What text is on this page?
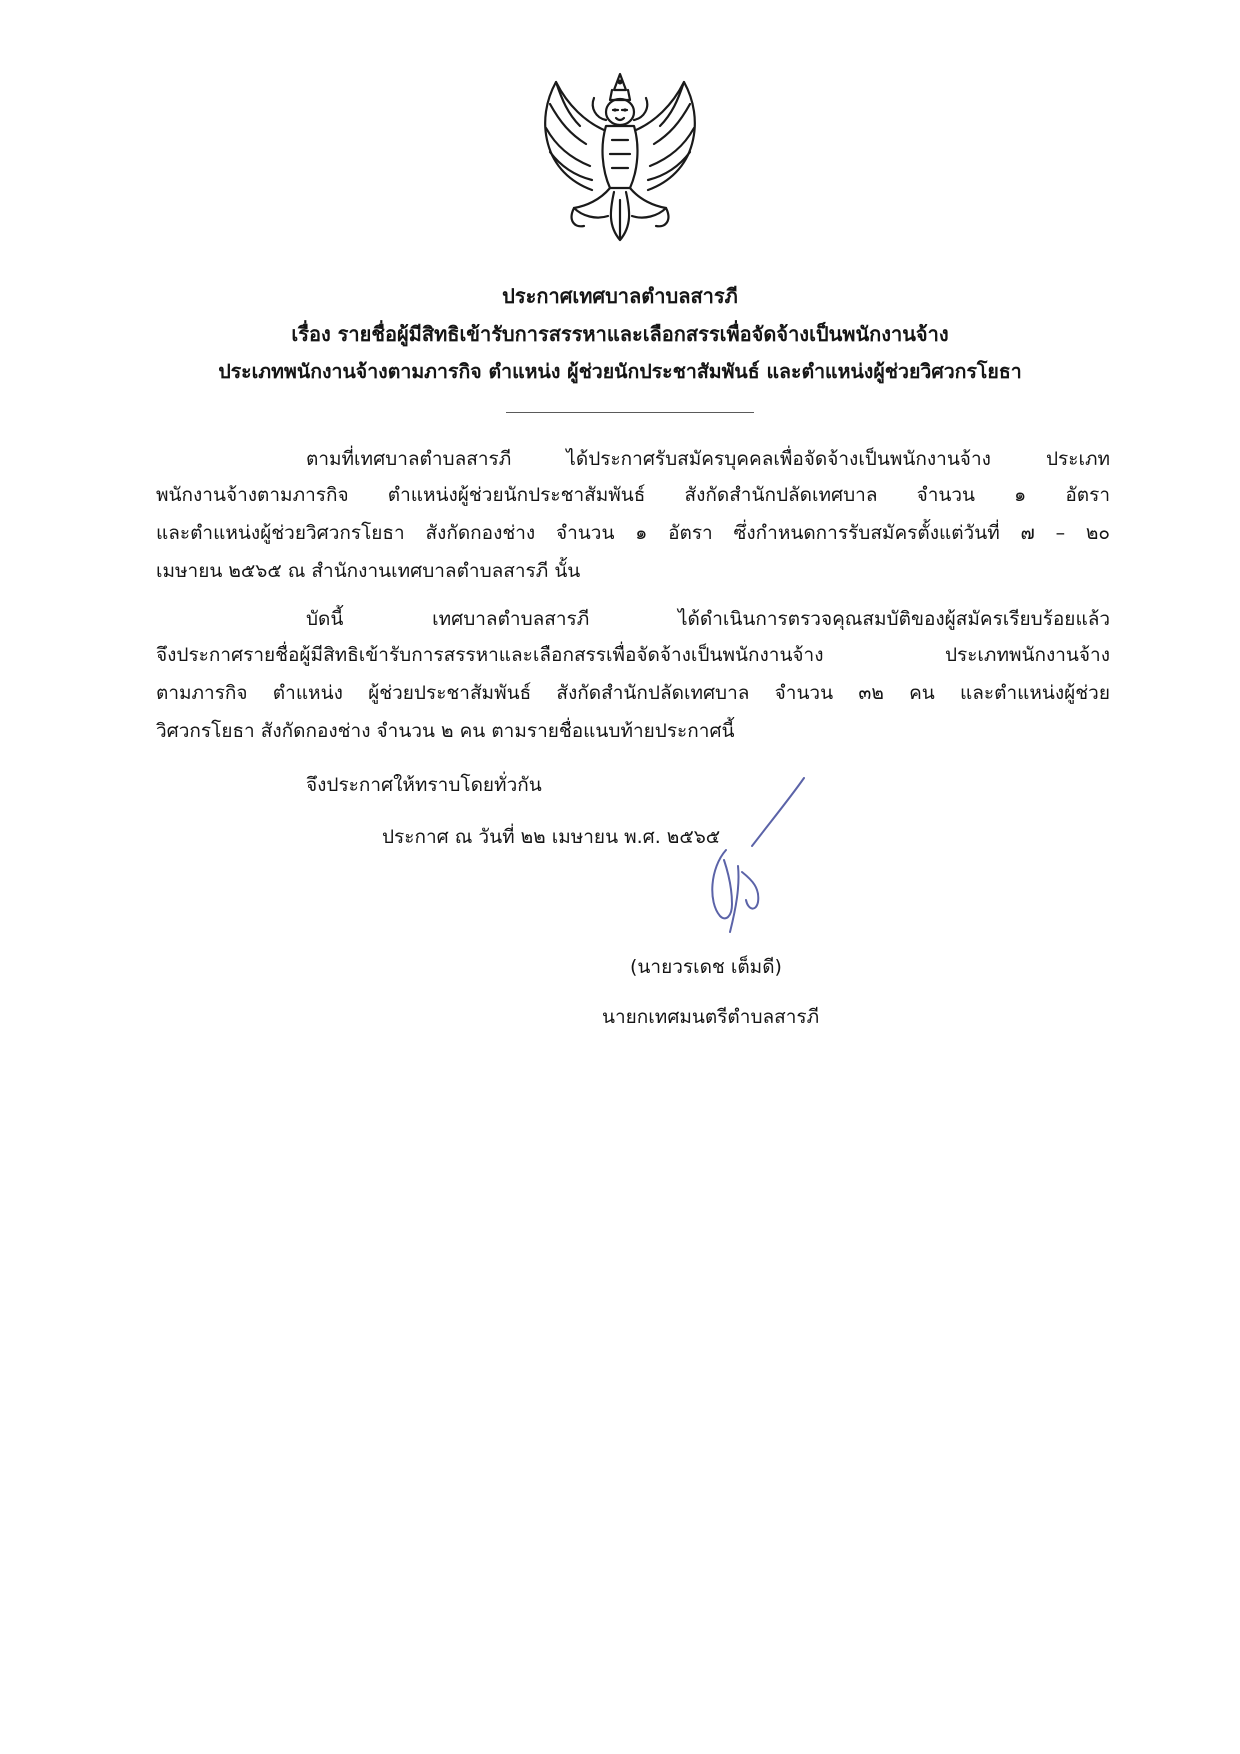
ประกาศเทศบาลตำบลสารภี
เรื่อง รายชื่อผู้มีสิทธิเข้ารับการสรรหาและเลือกสรรเพื่อจัดจ้างเป็นพนักงานจ้าง
ประเภทพนักงานจ้างตามภารกิจ ตำแหน่ง ผู้ช่วยนักประชาสัมพันธ์ และตำแหน่งผู้ช่วยวิศวกรโยธา
ตามที่เทศบาลตำบลสารภี ได้ประกาศรับสมัครบุคคลเพื่อจัดจ้างเป็นพนักงานจ้าง ประเภท
พนักงานจ้างตามภารกิจ ตำแหน่งผู้ช่วยนักประชาสัมพันธ์ สังกัดสำนักปลัดเทศบาล จำนวน ๑ อัตรา
และตำแหน่งผู้ช่วยวิศวกรโยธา สังกัดกองช่าง จำนวน ๑ อัตรา ซึ่งกำหนดการรับสมัครตั้งแต่วันที่ ๗ – ๒๐
เมษายน ๒๕๖๕ ณ สำนักงานเทศบาลตำบลสารภี นั้น
บัดนี้ เทศบาลตำบลสารภี ได้ดำเนินการตรวจคุณสมบัติของผู้สมัครเรียบร้อยแล้ว
จึงประกาศรายชื่อผู้มีสิทธิเข้ารับการสรรหาและเลือกสรรเพื่อจัดจ้างเป็นพนักงานจ้าง ประเภทพนักงานจ้าง
ตามภารกิจ ตำแหน่ง ผู้ช่วยประชาสัมพันธ์ สังกัดสำนักปลัดเทศบาล จำนวน ๓๒ คน และตำแหน่งผู้ช่วย
วิศวกรโยธา สังกัดกองช่าง จำนวน ๒ คน ตามรายชื่อแนบท้ายประกาศนี้
จึงประกาศให้ทราบโดยทั่วกัน
ประกาศ ณ วันที่ ๒๒ เมษายน พ.ศ. ๒๕๖๕
(นายวรเดช เต็มดี)
นายกเทศมนตรีตำบลสารภี
